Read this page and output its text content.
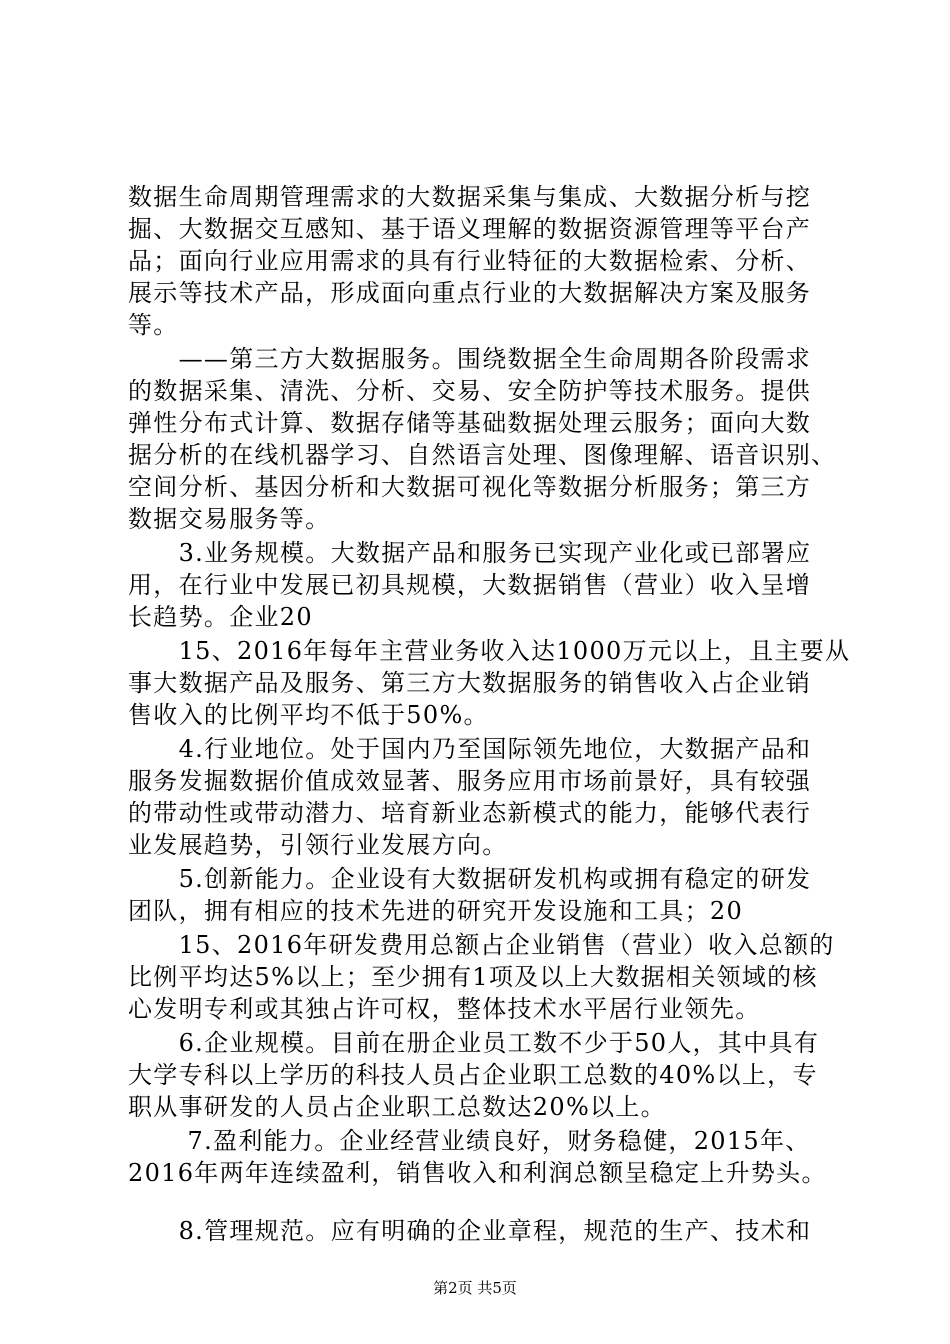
数据生命周期管理需求的大数据采集与集成、大数据分析与挖
掘、大数据交互感知、基于语义理解的数据资源管理等平台产
品；面向行业应用需求的具有行业特征的大数据检索、分析、
展示等技术产品，形成面向重点行业的大数据解决方案及服务
等。
　　——第三方大数据服务。围绕数据全生命周期各阶段需求
的数据采集、清洗、分析、交易、安全防护等技术服务。提供
弹性分布式计算、数据存储等基础数据处理云服务；面向大数
据分析的在线机器学习、自然语言处理、图像理解、语音识别、
空间分析、基因分析和大数据可视化等数据分析服务；第三方
数据交易服务等。
　　3.业务规模。大数据产品和服务已实现产业化或已部署应
用，在行业中发展已初具规模，大数据销售（营业）收入呈增
长趋势。企业20
　　15、2016年每年主营业务收入达1000万元以上，且主要从
事大数据产品及服务、第三方大数据服务的销售收入占企业销
售收入的比例平均不低于50%。
　　4.行业地位。处于国内乃至国际领先地位，大数据产品和
服务发掘数据价值成效显著、服务应用市场前景好，具有较强
的带动性或带动潜力、培育新业态新模式的能力，能够代表行
业发展趋势，引领行业发展方向。
　　5.创新能力。企业设有大数据研发机构或拥有稳定的研发
团队，拥有相应的技术先进的研究开发设施和工具；20
　　15、2016年研发费用总额占企业销售（营业）收入总额的
比例平均达5%以上；至少拥有1项及以上大数据相关领域的核
心发明专利或其独占许可权，整体技术水平居行业领先。
　　6.企业规模。目前在册企业员工数不少于50人，其中具有
大学专科以上学历的科技人员占企业职工总数的40%以上，专
职从事研发的人员占企业职工总数达20%以上。
　　 7.盈利能力。企业经营业绩良好，财务稳健，2015年、
2016年两年连续盈利，销售收入和利润总额呈稳定上升势头。
　　8.管理规范。应有明确的企业章程，规范的生产、技术和
第2页 共5页
